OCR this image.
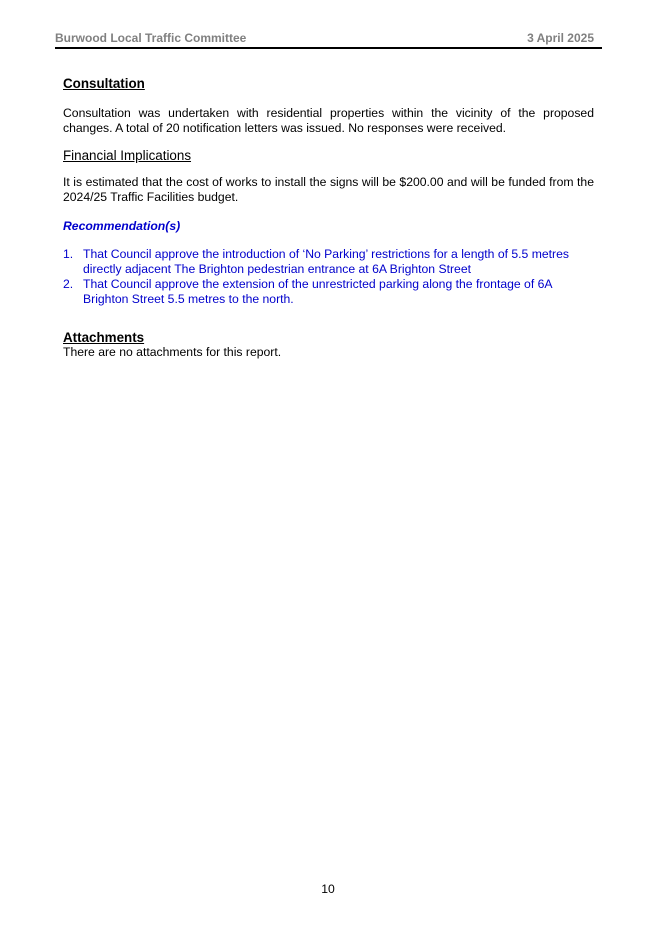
Burwood Local Traffic Committee	3 April 2025
Consultation

Consultation was undertaken with residential properties within the vicinity of the proposed changes. A total of 20 notification letters was issued. No responses were received.

Financial Implications

It is estimated that the cost of works to install the signs will be $200.00 and will be funded from the 2024/25 Traffic Facilities budget.

Recommendation(s)
1. That Council approve the introduction of ‘No Parking’ restrictions for a length of 5.5 metres directly adjacent The Brighton pedestrian entrance at 6A Brighton Street
2. That Council approve the extension of the unrestricted parking along the frontage of 6A Brighton Street 5.5 metres to the north.
Attachments

There are no attachments for this report.

10
